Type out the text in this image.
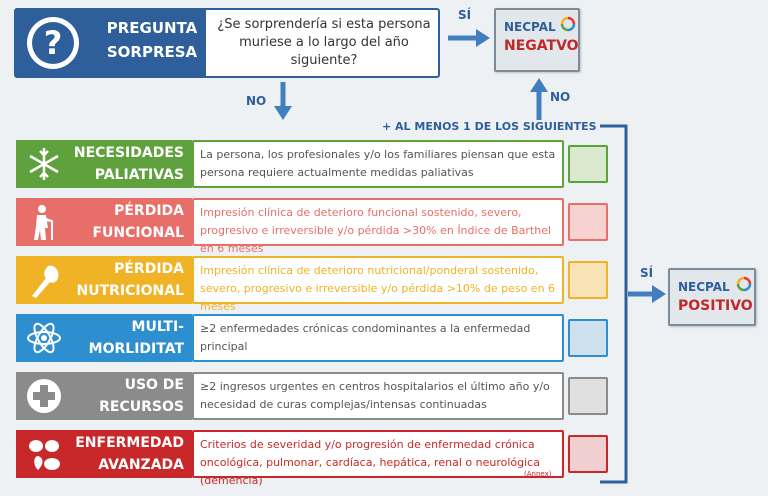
?	PREGUNTA
SORPRESA
¿Se sorprendería si esta persona muriese a lo largo del año siguiente?
SÍ
NECPAL
NEGATVO
NO	NO
+ AL MENOS 1 DE LOS SIGUIENTES
SÍ
NECPAL
POSITIVO
NECESIDADES
PALIATIVAS
La persona, los profesionales y/o los familiares piensan que esta persona requiere actualmente medidas paliativas
PÉRDIDA
FUNCIONAL
Impresión clínica de deterioro funcional sostenido, severo, progresivo e irreversible y/o pérdida >30% en Índice de Barthel en 6 meses
PÉRDIDA
NUTRICIONAL
Impresión clínica de deterioro nutricional/ponderal sostenido, severo, progresivo e irreversible y/o pérdida >10% de peso en 6 meses
MULTI-
MORLIDITAT
≥2 enfermedades crónicas condominantes a la enfermedad principal
USO DE
RECURSOS
≥2 ingresos urgentes en centros hospitalarios el último año y/o necesidad de curas complejas/intensas continuadas
ENFERMEDAD
AVANZADA
Criterios de severidad y/o progresión de enfermedad crónica oncológica, pulmonar, cardíaca, hepática, renal o neurológica (demencia)	(Annex)
